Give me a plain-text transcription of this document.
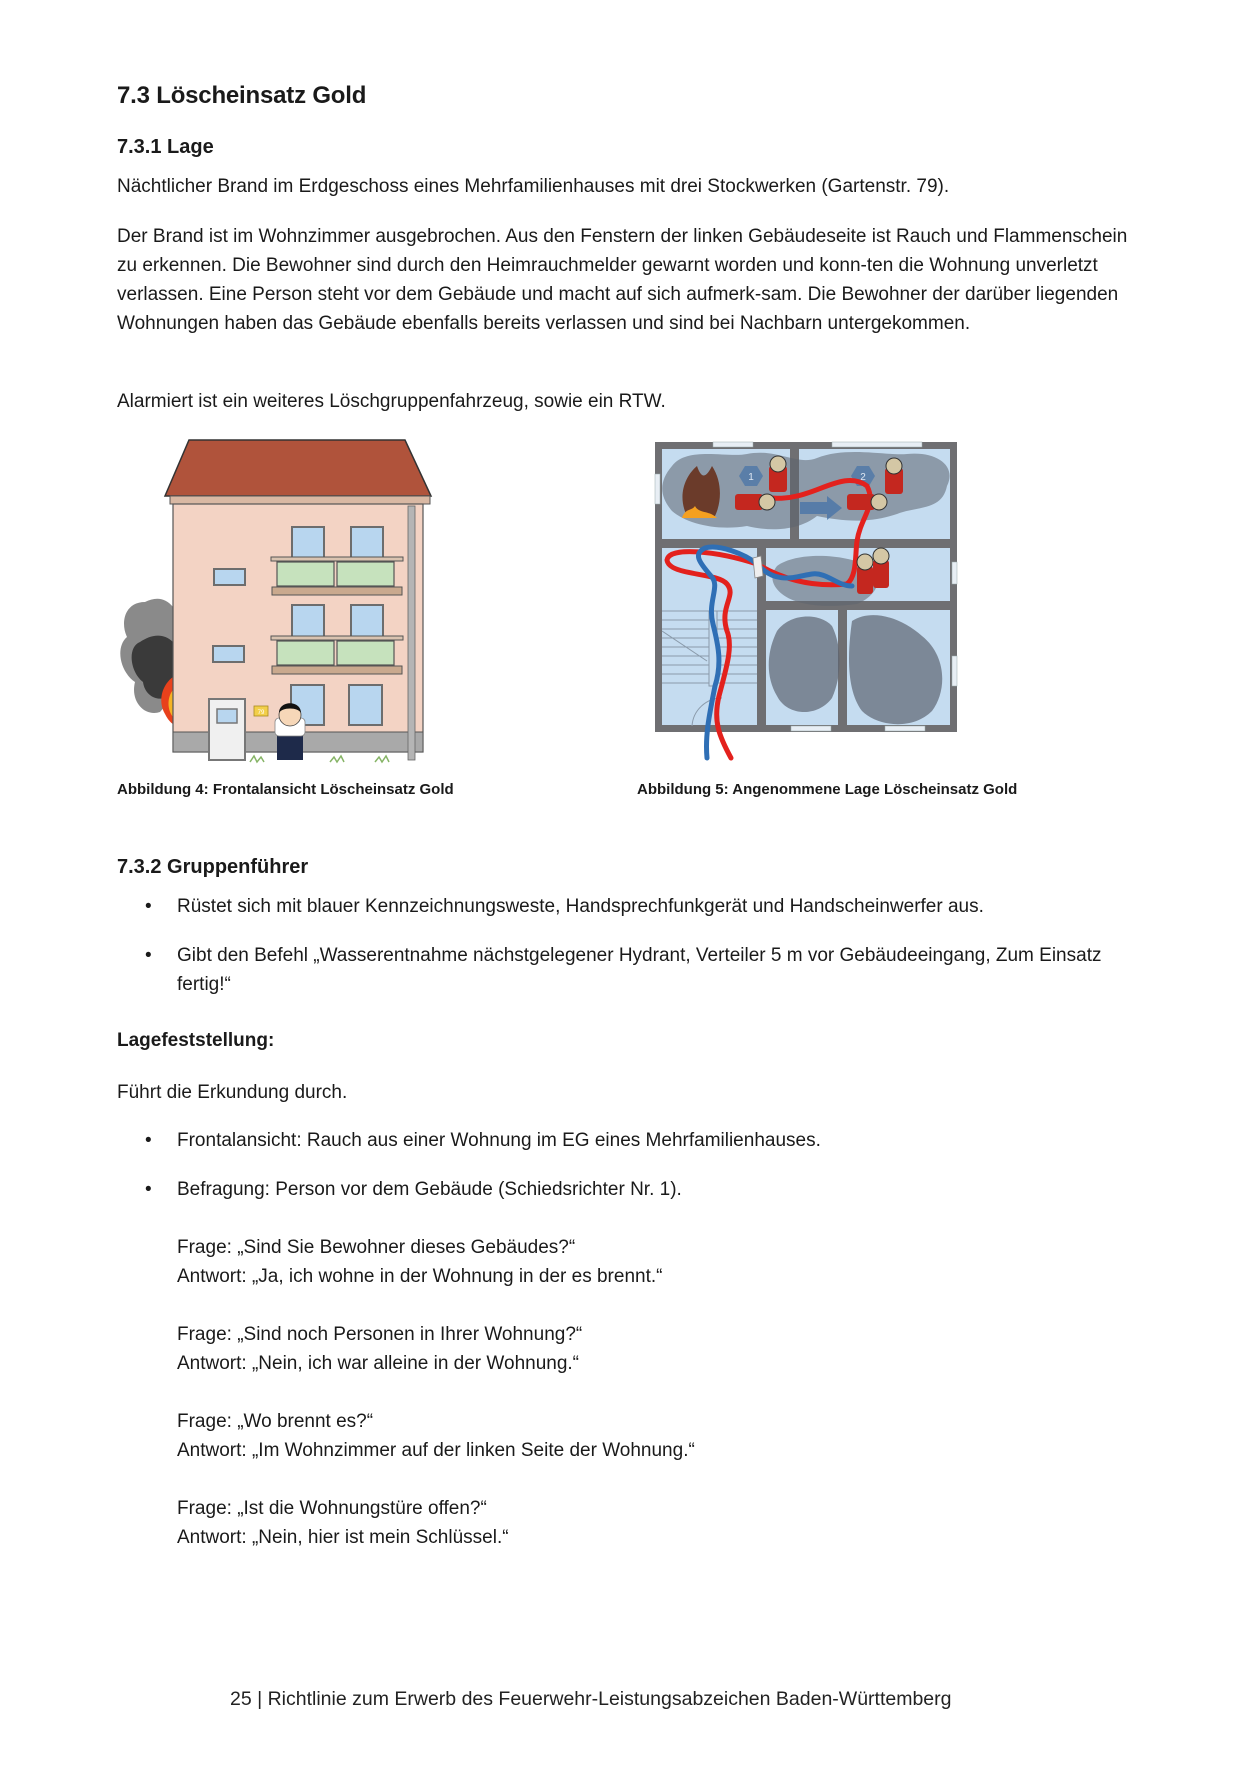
7.3 Löscheinsatz Gold
7.3.1 Lage

Nächtlicher Brand im Erdgeschoss eines Mehrfamilienhauses mit drei Stockwerken (Gartenstr. 79).

Der Brand ist im Wohnzimmer ausgebrochen. Aus den Fenstern der linken Gebäudeseite ist Rauch und Flammenschein zu erkennen. Die Bewohner sind durch den Heimrauchmelder gewarnt worden und konn-ten die Wohnung unverletzt verlassen. Eine Person steht vor dem Gebäude und macht auf sich aufmerk-sam. Die Bewohner der darüber liegenden Wohnungen haben das Gebäude ebenfalls bereits verlassen und sind bei Nachbarn untergekommen.

Alarmiert ist ein weiteres Löschgruppenfahrzeug, sowie ein RTW.

79
1	2

Abbildung 4: Frontalansicht Löscheinsatz Gold	Abbildung 5: Angenommene Lage Löscheinsatz Gold

7.3.2 Gruppenführer
• Rüstet sich mit blauer Kennzeichnungsweste, Handsprechfunkgerät und Handscheinwerfer aus.
• Gibt den Befehl „Wasserentnahme nächstgelegener Hydrant, Verteiler 5 m vor Gebäudeeingang, Zum Einsatz fertig!“
Lagefeststellung:

Führt die Erkundung durch.

• Frontalansicht: Rauch aus einer Wohnung im EG eines Mehrfamilienhauses.
• Befragung: Person vor dem Gebäude (Schiedsrichter Nr. 1).
Frage: „Sind Sie Bewohner dieses Gebäudes?“
Antwort: „Ja, ich wohne in der Wohnung in der es brennt.“
Frage: „Sind noch Personen in Ihrer Wohnung?“
Antwort: „Nein, ich war alleine in der Wohnung.“
Frage: „Wo brennt es?“
Antwort: „Im Wohnzimmer auf der linken Seite der Wohnung.“
Frage: „Ist die Wohnungstüre offen?“
Antwort: „Nein, hier ist mein Schlüssel.“

25 | Richtlinie zum Erwerb des Feuerwehr-Leistungsabzeichen Baden-Württemberg
